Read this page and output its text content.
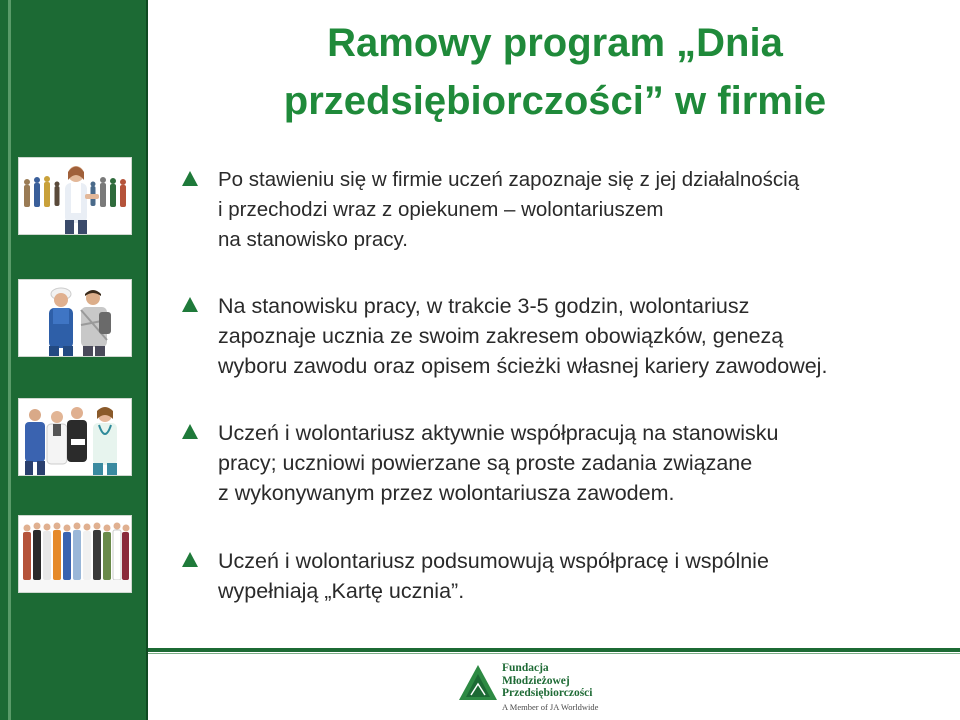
Ramowy program „Dnia
przedsiębiorczości” w firmie
Po stawieniu się w firmie uczeń zapoznaje się z jej działalnością
i przechodzi wraz z opiekunem – wolontariuszem
na stanowisko pracy.
Na stanowisku pracy, w trakcie 3-5 godzin, wolontariusz
zapoznaje ucznia ze swoim zakresem obowiązków, genezą
wyboru zawodu oraz opisem ścieżki własnej kariery zawodowej.
Uczeń i wolontariusz aktywnie współpracują na stanowisku
pracy; uczniowi powierzane są proste zadania związane
z wykonywanym przez wolontariusza zawodem.
Uczeń i wolontariusz podsumowują współpracę i wspólnie
wypełniają „Kartę ucznia”.
Fundacja
Młodzieżowej
Przedsiębiorczości
A Member of JA Worldwide
